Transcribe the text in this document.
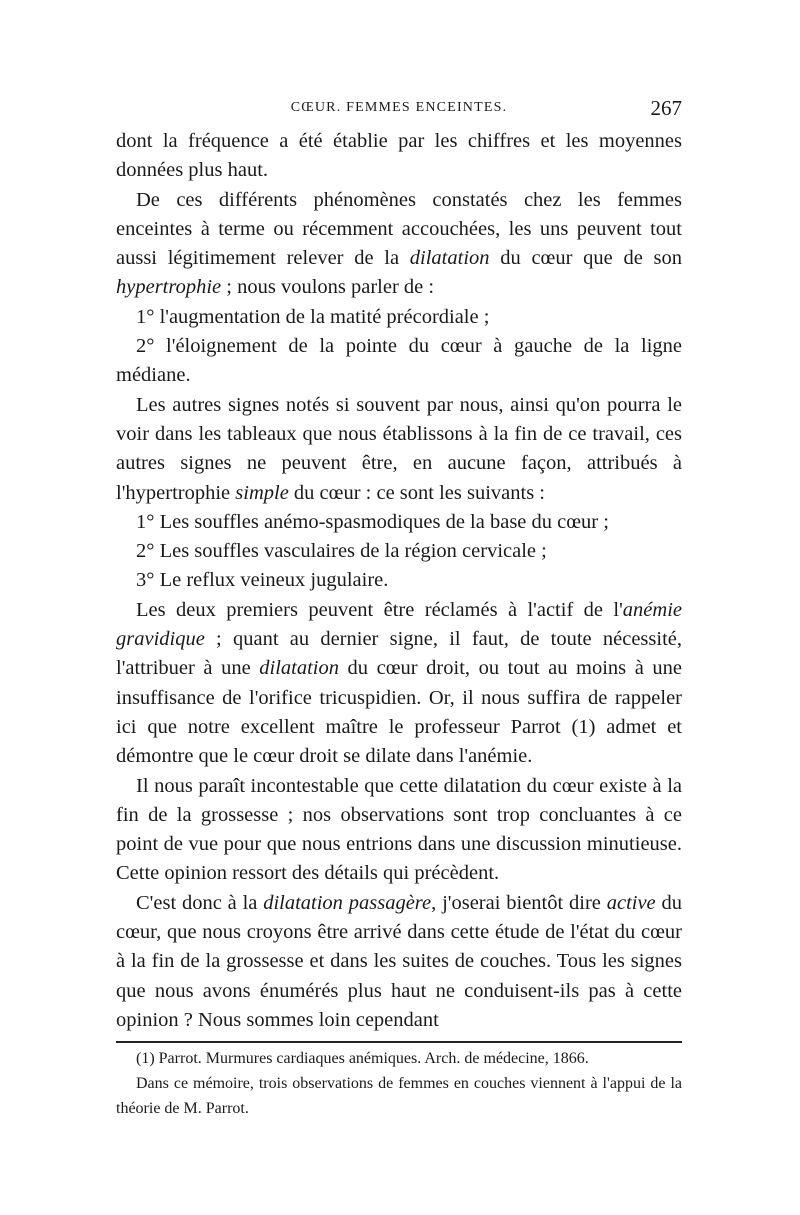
CŒUR. FEMMES ENCEINTES.	267

dont la fréquence a été établie par les chiffres et les moyennes données plus haut.

De ces différents phénomènes constatés chez les femmes enceintes à terme ou récemment accouchées, les uns peuvent tout aussi légitimement relever de la dilatation du cœur que de son hypertrophie ; nous voulons parler de :

1° l'augmentation de la matité précordiale ;

2° l'éloignement de la pointe du cœur à gauche de la ligne médiane.

Les autres signes notés si souvent par nous, ainsi qu'on pourra le voir dans les tableaux que nous établissons à la fin de ce travail, ces autres signes ne peuvent être, en aucune façon, attribués à l'hypertrophie simple du cœur : ce sont les suivants :

1° Les souffles anémo-spasmodiques de la base du cœur ;

2° Les souffles vasculaires de la région cervicale ;

3° Le reflux veineux jugulaire.

Les deux premiers peuvent être réclamés à l'actif de l'anémie gravidique ; quant au dernier signe, il faut, de toute nécessité, l'attribuer à une dilatation du cœur droit, ou tout au moins à une insuffisance de l'orifice tricuspidien. Or, il nous suffira de rappeler ici que notre excellent maître le professeur Parrot (1) admet et démontre que le cœur droit se dilate dans l'anémie.

Il nous paraît incontestable que cette dilatation du cœur existe à la fin de la grossesse ; nos observations sont trop concluantes à ce point de vue pour que nous entrions dans une discussion minutieuse. Cette opinion ressort des détails qui précèdent.

C'est donc à la dilatation passagère, j'oserai bientôt dire active du cœur, que nous croyons être arrivé dans cette étude de l'état du cœur à la fin de la grossesse et dans les suites de couches. Tous les signes que nous avons énumérés plus haut ne conduisent-ils pas à cette opinion ? Nous sommes loin cependant

(1) Parrot. Murmures cardiaques anémiques. Arch. de médecine, 1866.

Dans ce mémoire, trois observations de femmes en couches viennent à l'appui de la théorie de M. Parrot.
